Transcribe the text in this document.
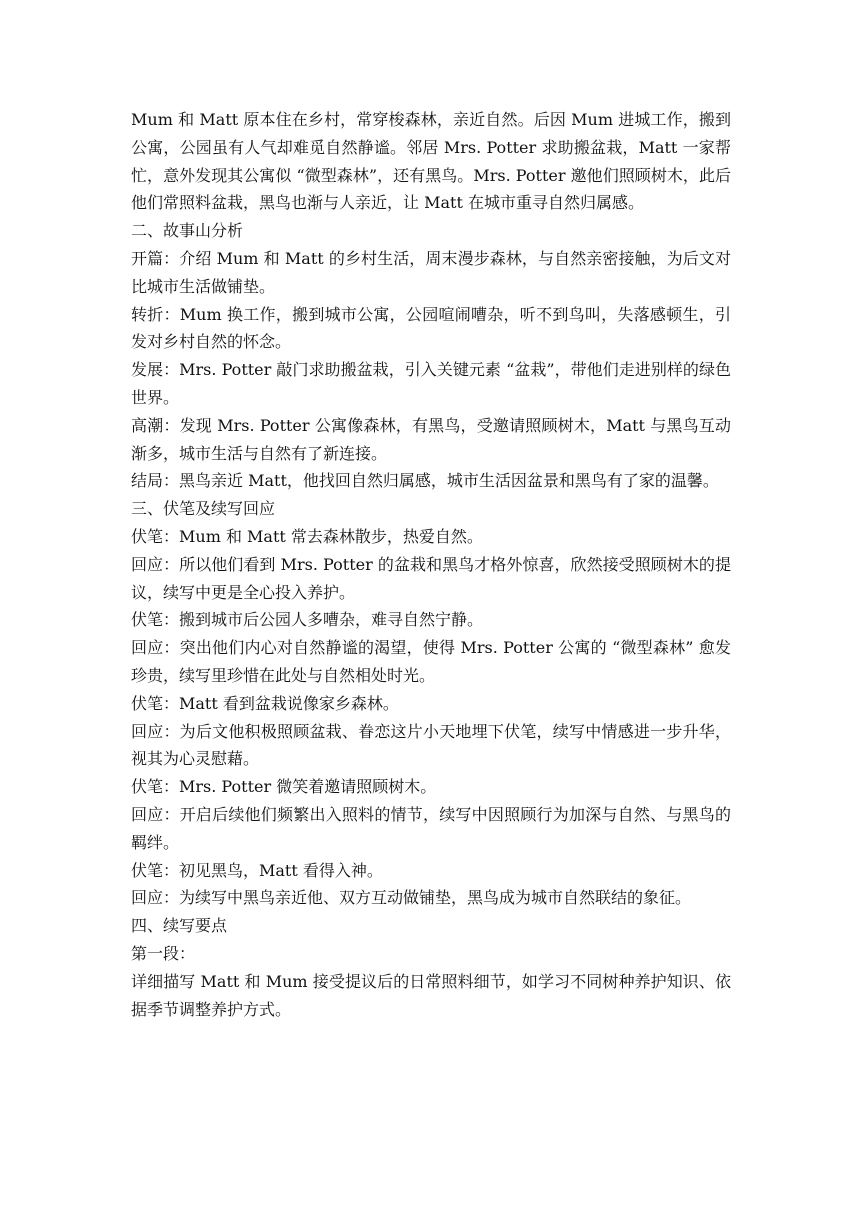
Mum 和 Matt 原本住在乡村，常穿梭森林，亲近自然。后因 Mum 进城工作，搬到公寓，公园虽有人气却难觅自然静谧。邻居 Mrs. Potter 求助搬盆栽，Matt 一家帮忙，意外发现其公寓似 “微型森林”，还有黑鸟。Mrs. Potter 邀他们照顾树木，此后他们常照料盆栽，黑鸟也渐与人亲近，让 Matt 在城市重寻自然归属感。

二、故事山分析

开篇：介绍 Mum 和 Matt 的乡村生活，周末漫步森林，与自然亲密接触，为后文对比城市生活做铺垫。

转折：Mum 换工作，搬到城市公寓，公园喧闹嘈杂，听不到鸟叫，失落感顿生，引发对乡村自然的怀念。

发展：Mrs. Potter 敲门求助搬盆栽，引入关键元素 “盆栽”，带他们走进别样的绿色世界。

高潮：发现 Mrs. Potter 公寓像森林，有黑鸟，受邀请照顾树木，Matt 与黑鸟互动渐多，城市生活与自然有了新连接。

结局：黑鸟亲近 Matt，他找回自然归属感，城市生活因盆景和黑鸟有了家的温馨。

三、伏笔及续写回应

伏笔：Mum 和 Matt 常去森林散步，热爱自然。

回应：所以他们看到 Mrs. Potter 的盆栽和黑鸟才格外惊喜，欣然接受照顾树木的提议，续写中更是全心投入养护。

伏笔：搬到城市后公园人多嘈杂，难寻自然宁静。

回应：突出他们内心对自然静谧的渴望，使得 Mrs. Potter 公寓的 “微型森林” 愈发珍贵，续写里珍惜在此处与自然相处时光。

伏笔：Matt 看到盆栽说像家乡森林。

回应：为后文他积极照顾盆栽、眷恋这片小天地埋下伏笔，续写中情感进一步升华，视其为心灵慰藉。

伏笔：Mrs. Potter 微笑着邀请照顾树木。

回应：开启后续他们频繁出入照料的情节，续写中因照顾行为加深与自然、与黑鸟的羁绊。

伏笔：初见黑鸟，Matt 看得入神。

回应：为续写中黑鸟亲近他、双方互动做铺垫，黑鸟成为城市自然联结的象征。

四、续写要点

第一段：

详细描写 Matt 和 Mum 接受提议后的日常照料细节，如学习不同树种养护知识、依据季节调整养护方式。
